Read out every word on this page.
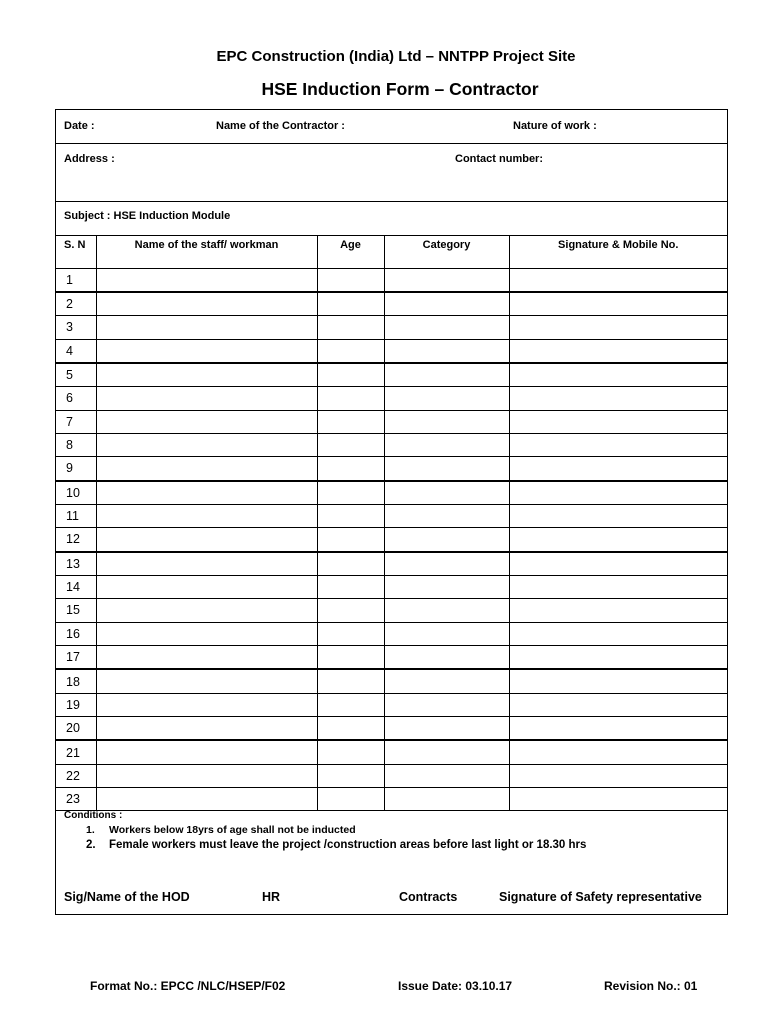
EPC Construction (India) Ltd – NNTPP Project Site
HSE Induction Form – Contractor
Date :	Name of the Contractor :	Nature of work :
Address :	Contact number:
Subject : HSE Induction Module
S. N	Name of the staff/ workman	Age	Category	Signature & Mobile No.
1				
2				
3				
4				
5				
6				
7				
8				
9				
10				
11				
12				
13				
14				
15				
16				
17				
18				
19				
20				
21				
22				
23				
Conditions :
1. Workers below 18yrs of age shall not be inducted
2. Female workers must leave the project /construction areas before last light or 18.30 hrs
Sig/Name of the HOD	HR	Contracts	Signature of Safety representative
Format No.: EPCC /NLC/HSEP/F02	Issue Date: 03.10.17	Revision No.: 01
